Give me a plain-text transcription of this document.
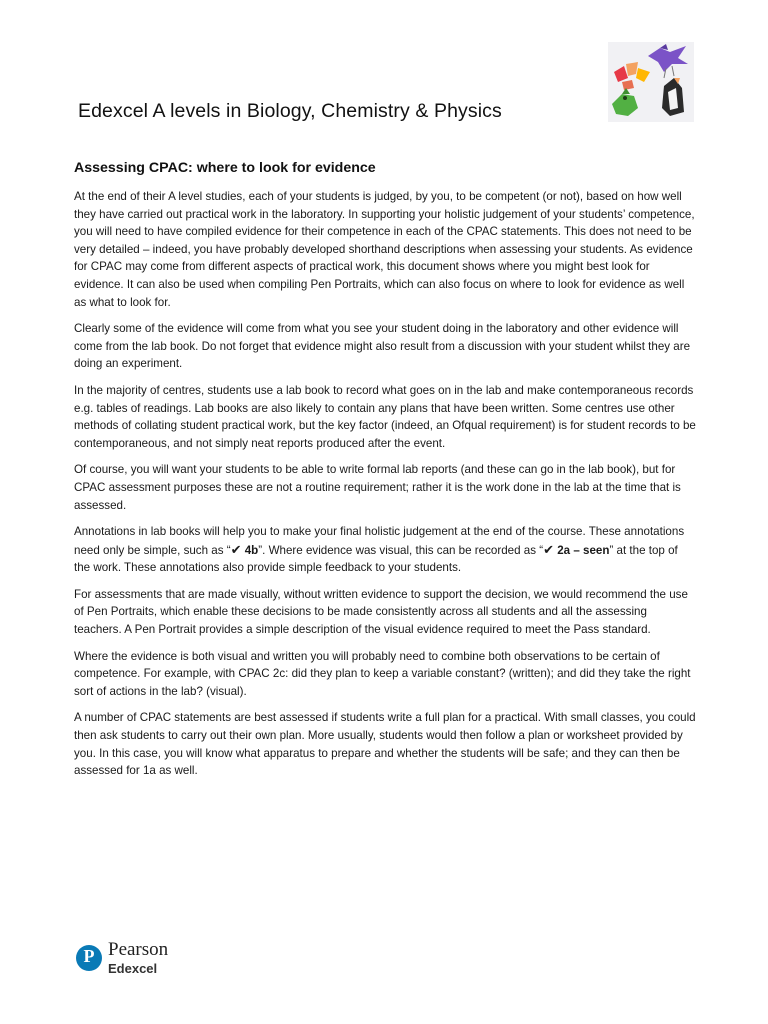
Edexcel A levels in Biology, Chemistry & Physics
Assessing CPAC: where to look for evidence

At the end of their A level studies, each of your students is judged, by you, to be competent (or not), based on how well they have carried out practical work in the laboratory. In supporting your holistic judgement of your students’ competence, you will need to have compiled evidence for their competence in each of the CPAC statements. This does not need to be very detailed – indeed, you have probably developed shorthand descriptions when assessing your students. As evidence for CPAC may come from different aspects of practical work, this document shows where you might best look for evidence. It can also be used when compiling Pen Portraits, which can also focus on where to look for evidence as well as what to look for.

Clearly some of the evidence will come from what you see your student doing in the laboratory and other evidence will come from the lab book. Do not forget that evidence might also result from a discussion with your student whilst they are doing an experiment.

In the majority of centres, students use a lab book to record what goes on in the lab and make contemporaneous records e.g. tables of readings. Lab books are also likely to contain any plans that have been written. Some centres use other methods of collating student practical work, but the key factor (indeed, an Ofqual requirement) is for student records to be contemporaneous, and not simply neat reports produced after the event.

Of course, you will want your students to be able to write formal lab reports (and these can go in the lab book), but for CPAC assessment purposes these are not a routine requirement; rather it is the work done in the lab at the time that is assessed.

Annotations in lab books will help you to make your final holistic judgement at the end of the course. These annotations need only be simple, such as “✔ 4b”. Where evidence was visual, this can be recorded as “✔ 2a – seen” at the top of the work. These annotations also provide simple feedback to your students.

For assessments that are made visually, without written evidence to support the decision, we would recommend the use of Pen Portraits, which enable these decisions to be made consistently across all students and all the assessing teachers. A Pen Portrait provides a simple description of the visual evidence required to meet the Pass standard.

Where the evidence is both visual and written you will probably need to combine both observations to be certain of competence. For example, with CPAC 2c: did they plan to keep a variable constant? (written); and did they take the right sort of actions in the lab? (visual).

A number of CPAC statements are best assessed if students write a full plan for a practical. With small classes, you could then ask students to carry out their own plan. More usually, students would then follow a plan or worksheet provided by you. In this case, you will know what apparatus to prepare and whether the students will be safe; and they can then be assessed for 1a as well.

P Pearson
Edexcel
